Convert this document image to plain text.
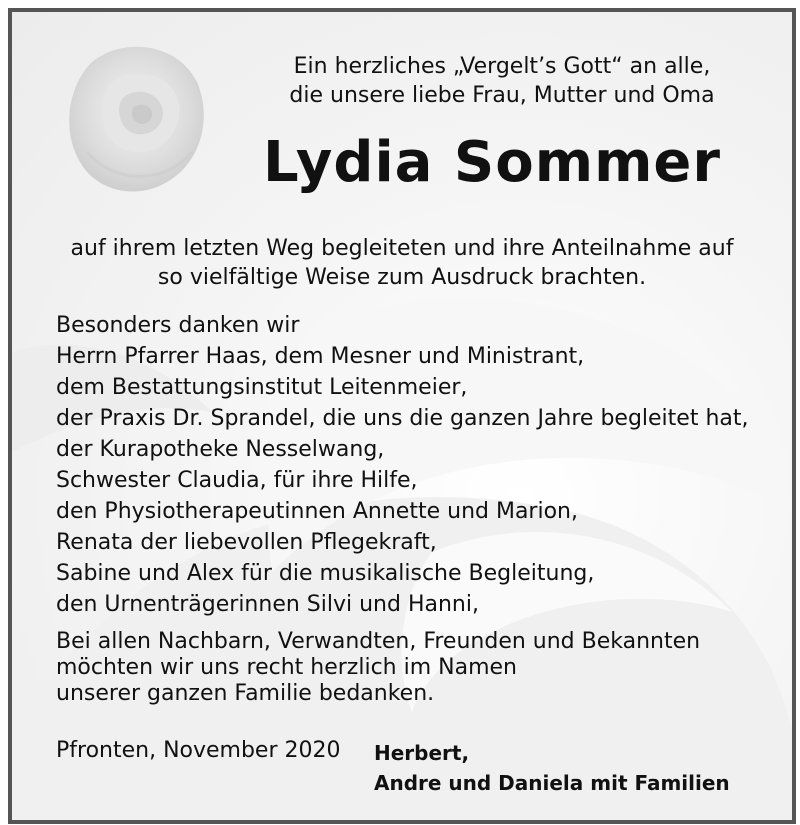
Ein herzliches „Vergelt’s Gott“ an alle,
die unsere liebe Frau, Mutter und Oma
Lydia Sommer
auf ihrem letzten Weg begleiteten und ihre Anteilnahme auf
so vielfältige Weise zum Ausdruck brachten.
Besonders danken wir
Herrn Pfarrer Haas, dem Mesner und Ministrant,
dem Bestattungsinstitut Leitenmeier,
der Praxis Dr. Sprandel, die uns die ganzen Jahre begleitet hat,
der Kurapotheke Nesselwang,
Schwester Claudia, für ihre Hilfe,
den Physiotherapeutinnen Annette und Marion,
Renata der liebevollen Pflegekraft,
Sabine und Alex für die musikalische Begleitung,
den Urnenträgerinnen Silvi und Hanni,
Bei allen Nachbarn, Verwandten, Freunden und Bekannten
möchten wir uns recht herzlich im Namen
unserer ganzen Familie bedanken.
Pfronten, November 2020 Herbert,
Andre und Daniela mit Familien
